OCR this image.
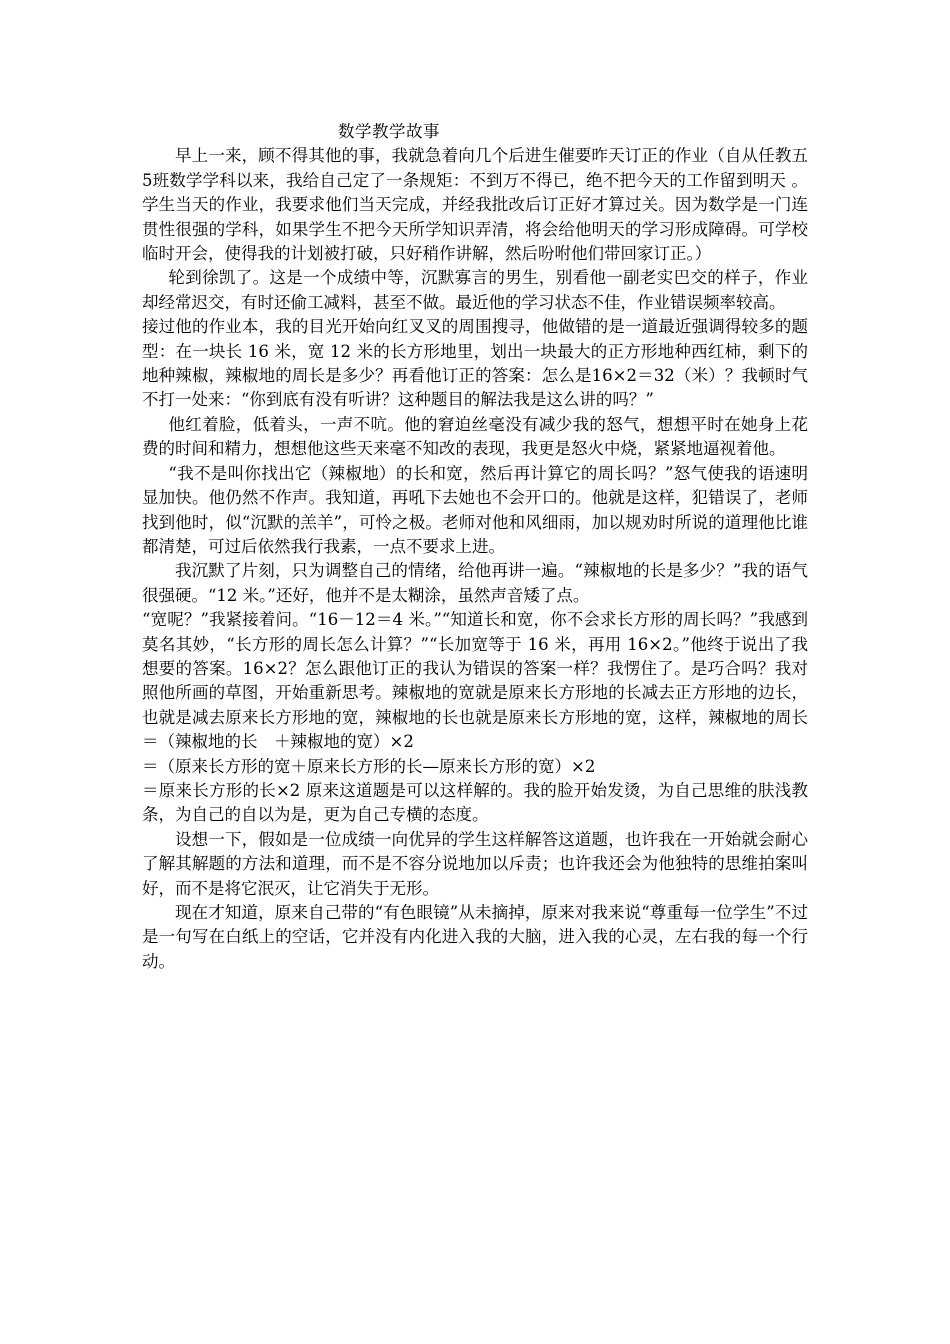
数学教学故事

早上一来，顾不得其他的事，我就急着向几个后进生催要昨天订正的作业（自从任教五5班数学学科以来，我给自己定了一条规矩：不到万不得已，绝不把今天的工作留到明天 。学生当天的作业，我要求他们当天完成，并经我批改后订正好才算过关。因为数学是一门连贯性很强的学科，如果学生不把今天所学知识弄清，将会给他明天的学习形成障碍。可学校临时开会，使得我的计划被打破，只好稍作讲解，然后吩咐他们带回家订正。）

轮到徐凯了。这是一个成绩中等，沉默寡言的男生，别看他一副老实巴交的样子，作业却经常迟交，有时还偷工减料，甚至不做。最近他的学习状态不佳，作业错误频率较高。

接过他的作业本，我的目光开始向红叉叉的周围搜寻，他做错的是一道最近强调得较多的题型：在一块长 16 米，宽 12 米的长方形地里，划出一块最大的正方形地种西红柿，剩下的地种辣椒，辣椒地的周长是多少？再看他订正的答案：怎么是16×2＝32（米）？我顿时气不打一处来：“你到底有没有听讲？这种题目的解法我是这么讲的吗？”

他红着脸，低着头，一声不吭。他的窘迫丝毫没有减少我的怒气，想想平时在她身上花费的时间和精力，想想他这些天来毫不知改的表现，我更是怒火中烧，紧紧地逼视着他。

“我不是叫你找出它（辣椒地）的长和宽，然后再计算它的周长吗？”怒气使我的语速明显加快。他仍然不作声。我知道，再吼下去她也不会开口的。他就是这样，犯错误了，老师找到他时，似“沉默的羔羊”，可怜之极。老师对他和风细雨，加以规劝时所说的道理他比谁都清楚，可过后依然我行我素，一点不要求上进。

我沉默了片刻，只为调整自己的情绪，给他再讲一遍。“辣椒地的长是多少？”我的语气很强硬。“12 米。”还好，他并不是太糊涂，虽然声音矮了点。

“宽呢？”我紧接着问。“16－12＝4 米。”“知道长和宽，你不会求长方形的周长吗？”我感到莫名其妙，“长方形的周长怎么计算？”“长加宽等于 16 米，再用 16×2。”他终于说出了我想要的答案。16×2？怎么跟他订正的我认为错误的答案一样？我愣住了。是巧合吗？我对照他所画的草图，开始重新思考。辣椒地的宽就是原来长方形地的长减去正方形地的边长，也就是减去原来长方形地的宽，辣椒地的长也就是原来长方形地的宽，这样，辣椒地的周长＝（辣椒地的长　＋辣椒地的宽）×2

＝（原来长方形的宽＋原来长方形的长—原来长方形的宽）×2

＝原来长方形的长×2 原来这道题是可以这样解的。我的脸开始发烫，为自己思维的肤浅教条，为自己的自以为是，更为自己专横的态度。

设想一下，假如是一位成绩一向优异的学生这样解答这道题，也许我在一开始就会耐心了解其解题的方法和道理，而不是不容分说地加以斥责；也许我还会为他独特的思维拍案叫好，而不是将它泯灭，让它消失于无形。

现在才知道，原来自己带的“有色眼镜”从未摘掉，原来对我来说“尊重每一位学生”不过是一句写在白纸上的空话，它并没有内化进入我的大脑，进入我的心灵，左右我的每一个行动。
